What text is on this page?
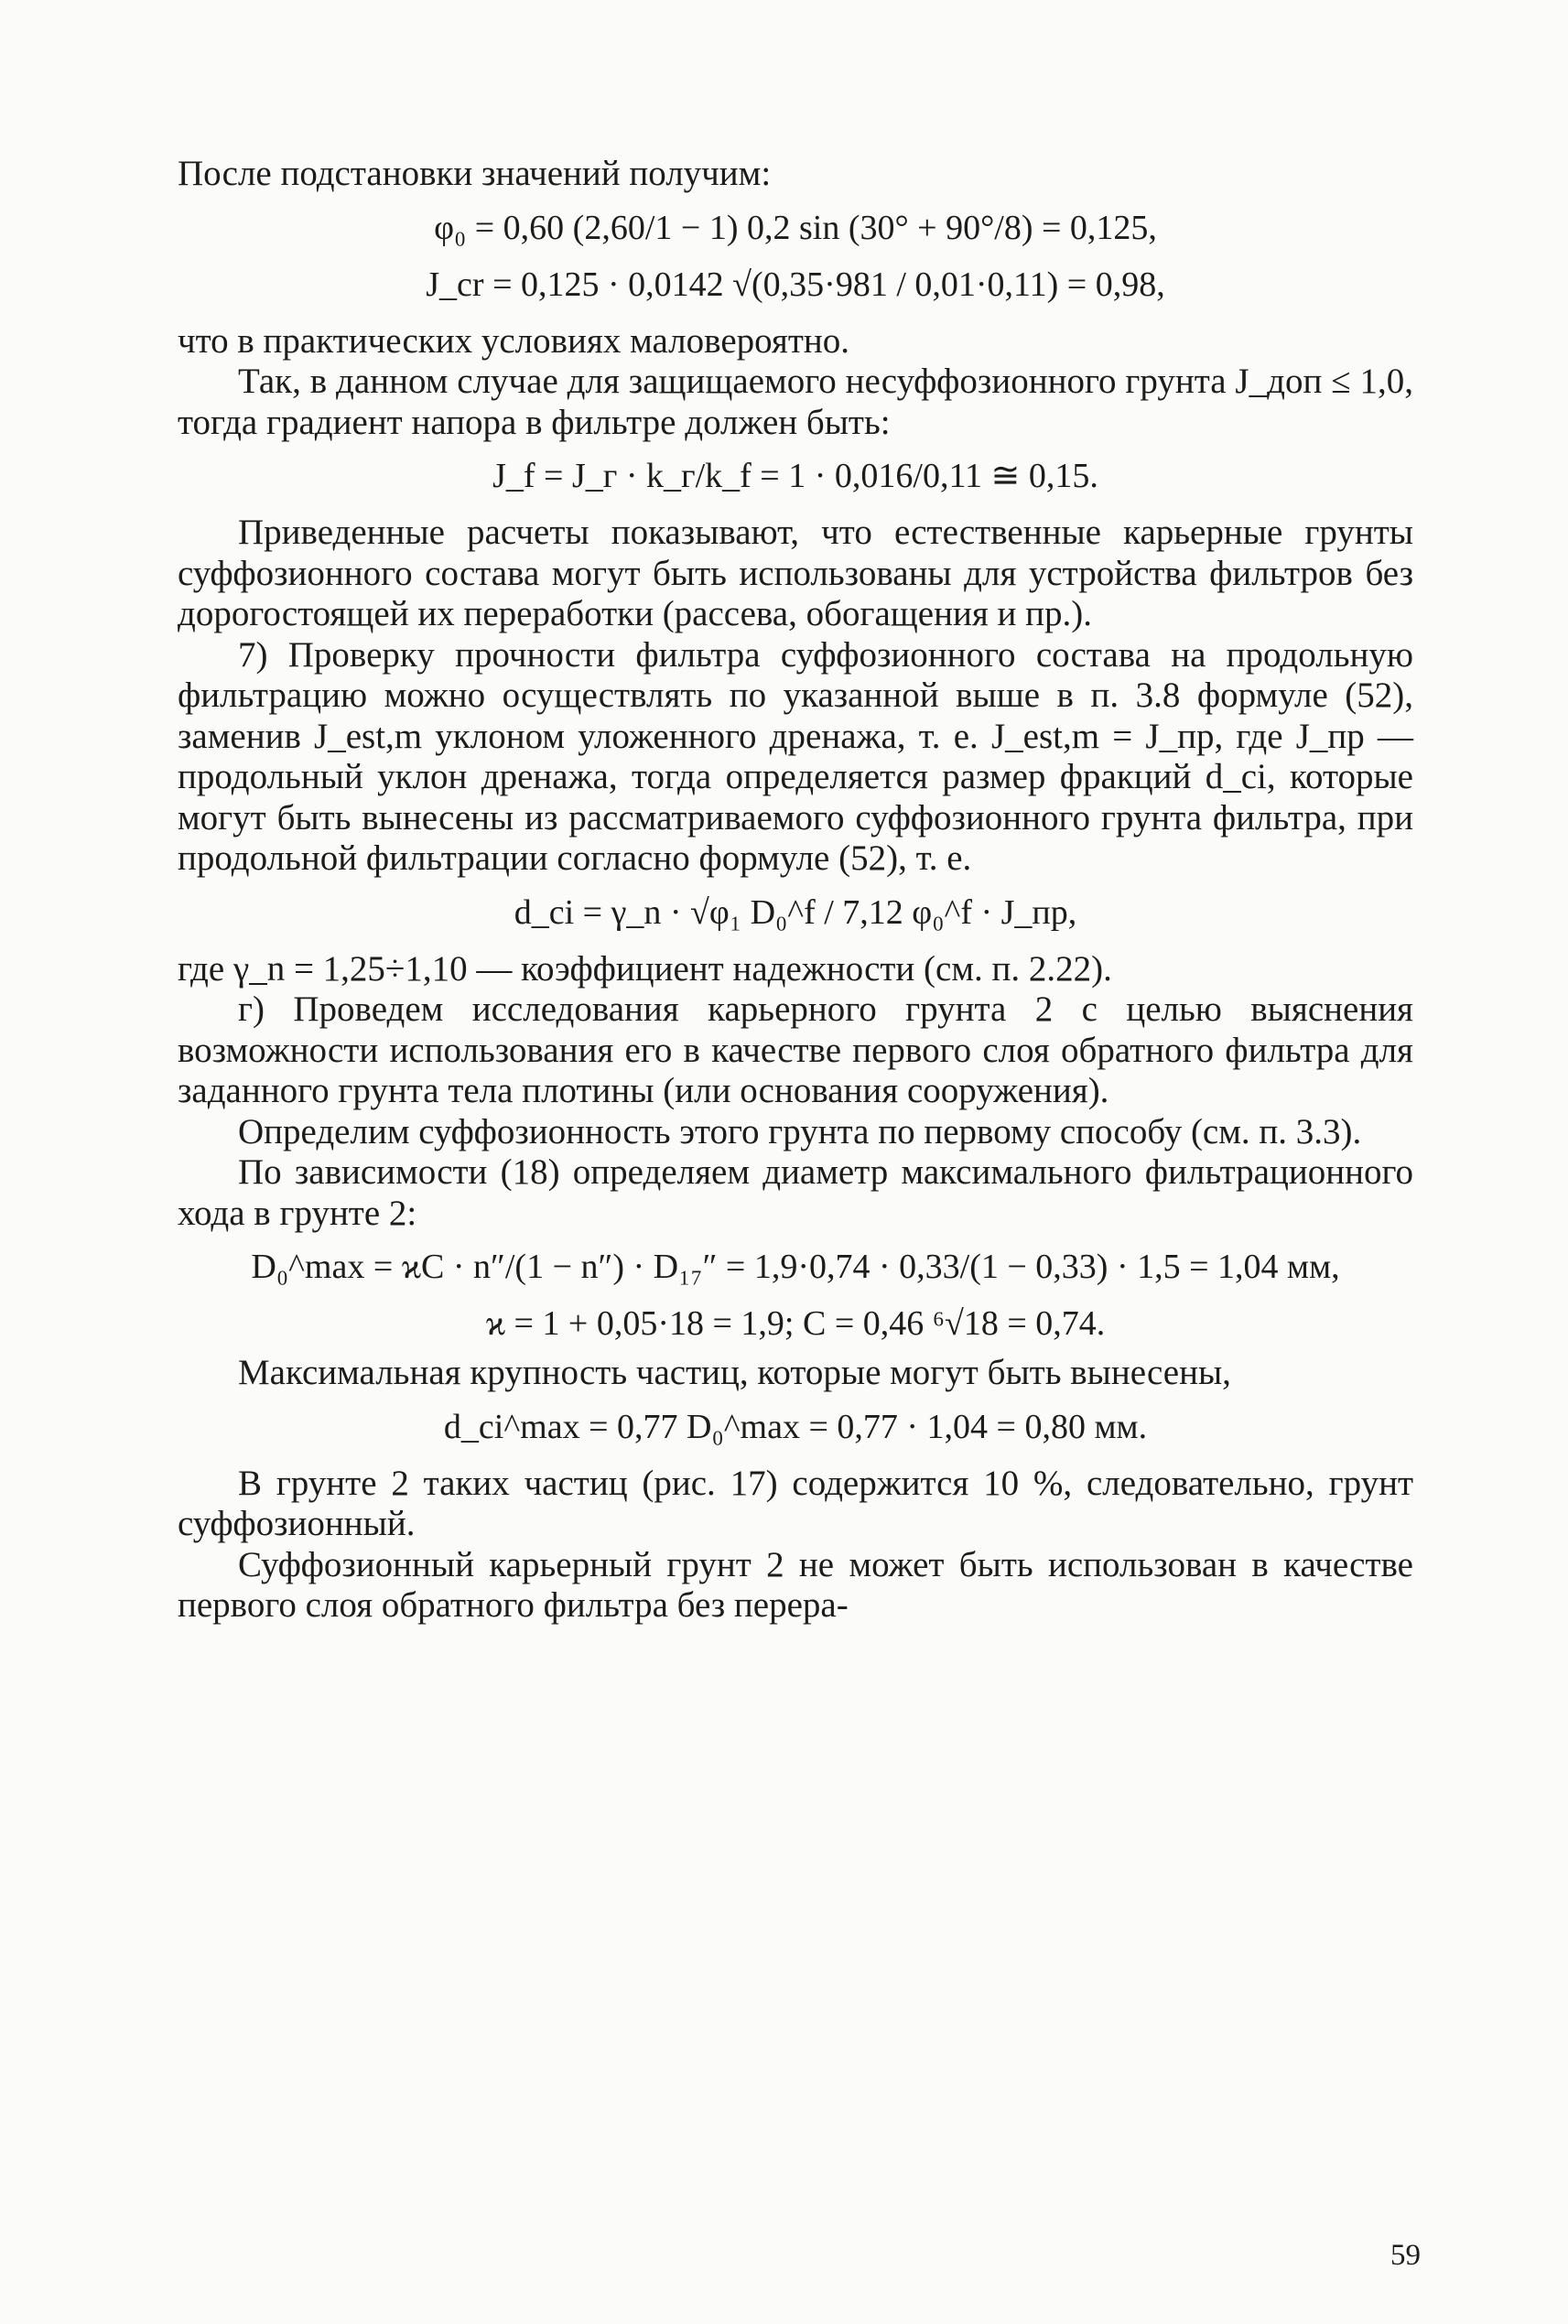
После подстановки значений получим:

φ₀ = 0,60 (2,60/1 − 1) 0,2 sin (30° + 90°/8) = 0,125,
J_cr = 0,125 · 0,0142 √(0,35·981 / 0,01·0,11) = 0,98,

что в практических условиях маловероятно.

Так, в данном случае для защищаемого несуффозионного грунта J_доп ≤ 1,0, тогда градиент напора в фильтре должен быть:

J_f = J_г · k_г/k_f = 1 · 0,016/0,11 ≅ 0,15.

Приведенные расчеты показывают, что естественные карьерные грунты суффозионного состава могут быть использованы для устройства фильтров без дорогостоящей их переработки (рассева, обогащения и пр.).

7) Проверку прочности фильтра суффозионного состава на продольную фильтрацию можно осуществлять по указанной выше в п. 3.8 формуле (52), заменив J_est,m уклоном уложенного дренажа, т. е. J_est,m = J_пр, где J_пр — продольный уклон дренажа, тогда определяется размер фракций d_ci, которые могут быть вынесены из рассматриваемого суффозионного грунта фильтра, при продольной фильтрации согласно формуле (52), т. е.

d_ci = γ_n · √φ₁ D₀^f / 7,12 φ₀^f · J_пр,

где γ_n = 1,25÷1,10 — коэффициент надежности (см. п. 2.22).

г) Проведем исследования карьерного грунта 2 с целью выяснения возможности использования его в качестве первого слоя обратного фильтра для заданного грунта тела плотины (или основания сооружения).

Определим суффозионность этого грунта по первому способу (см. п. 3.3).

По зависимости (18) определяем диаметр максимального фильтрационного хода в грунте 2:

D₀^max = ϰC · n″/(1 − n″) · D₁₇″ = 1,9·0,74 · 0,33/(1 − 0,33) · 1,5 = 1,04 мм,
ϰ = 1 + 0,05·18 = 1,9; C = 0,46 ⁶√18 = 0,74.

Максимальная крупность частиц, которые могут быть вынесены,

d_ci^max = 0,77 D₀^max = 0,77 · 1,04 = 0,80 мм.

В грунте 2 таких частиц (рис. 17) содержится 10 %, следовательно, грунт суффозионный.

Суффозионный карьерный грунт 2 не может быть использован в качестве первого слоя обратного фильтра без перера-

59
